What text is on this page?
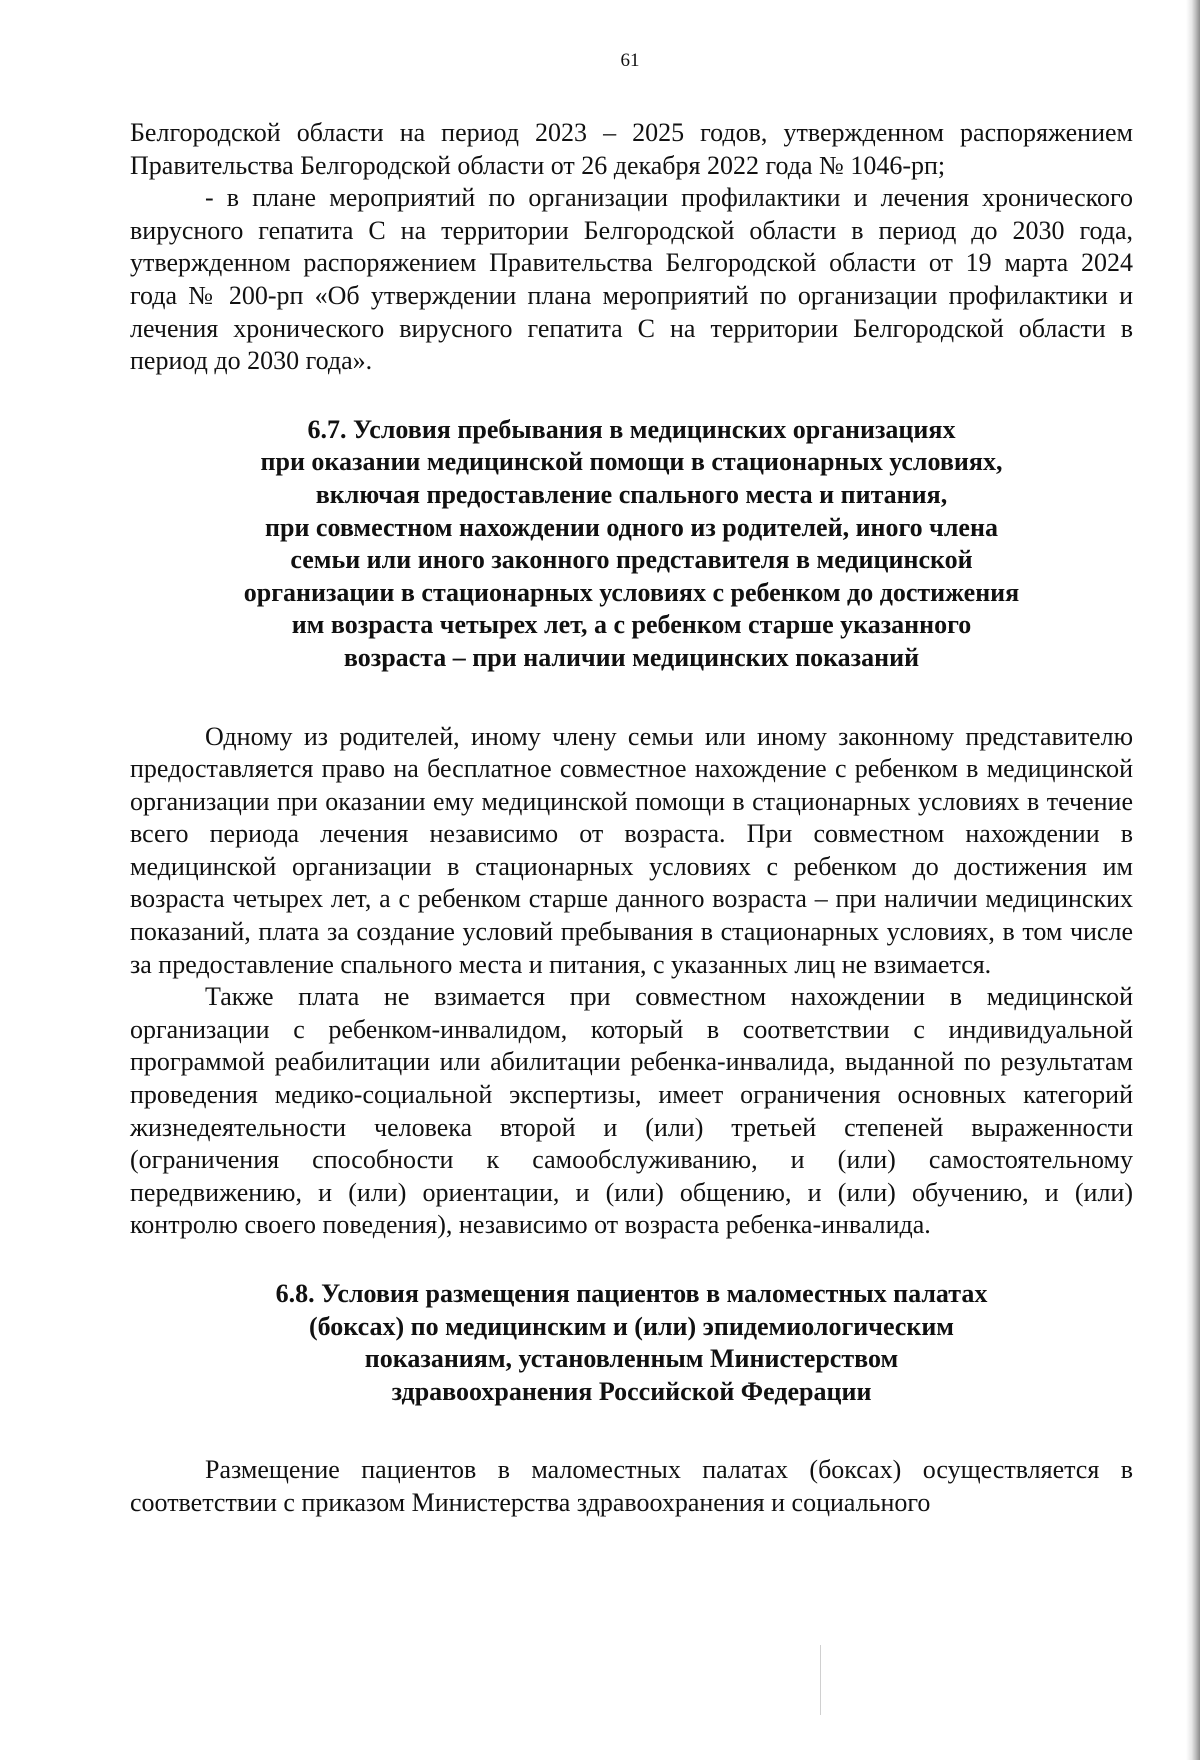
61

Белгородской области на период 2023 – 2025 годов, утвержденном распоряжением Правительства Белгородской области от 26 декабря 2022 года № 1046-рп;

- в плане мероприятий по организации профилактики и лечения хронического вирусного гепатита С на территории Белгородской области в период до 2030 года, утвержденном распоряжением Правительства Белгородской области от 19 марта 2024 года № 200-рп «Об утверждении плана мероприятий по организации профилактики и лечения хронического вирусного гепатита С на территории Белгородской области в период до 2030 года».

6.7. Условия пребывания в медицинских организациях
при оказании медицинской помощи в стационарных условиях,
включая предоставление спального места и питания,
при совместном нахождении одного из родителей, иного члена
семьи или иного законного представителя в медицинской
организации в стационарных условиях с ребенком до достижения
им возраста четырех лет, а с ребенком старше указанного
возраста – при наличии медицинских показаний

Одному из родителей, иному члену семьи или иному законному представителю предоставляется право на бесплатное совместное нахождение с ребенком в медицинской организации при оказании ему медицинской помощи в стационарных условиях в течение всего периода лечения независимо от возраста. При совместном нахождении в медицинской организации в стационарных условиях с ребенком до достижения им возраста четырех лет, а с ребенком старше данного возраста – при наличии медицинских показаний, плата за создание условий пребывания в стационарных условиях, в том числе за предоставление спального места и питания, с указанных лиц не взимается.

Также плата не взимается при совместном нахождении в медицинской организации с ребенком-инвалидом, который в соответствии с индивидуальной программой реабилитации или абилитации ребенка-инвалида, выданной по результатам проведения медико-социальной экспертизы, имеет ограничения основных категорий жизнедеятельности человека второй и (или) третьей степеней выраженности (ограничения способности к самообслуживанию, и (или) самостоятельному передвижению, и (или) ориентации, и (или) общению, и (или) обучению, и (или) контролю своего поведения), независимо от возраста ребенка-инвалида.

6.8. Условия размещения пациентов в маломестных палатах
(боксах) по медицинским и (или) эпидемиологическим
показаниям, установленным Министерством
здравоохранения Российской Федерации

Размещение пациентов в маломестных палатах (боксах) осуществляется в соответствии с приказом Министерства здравоохранения и социального
